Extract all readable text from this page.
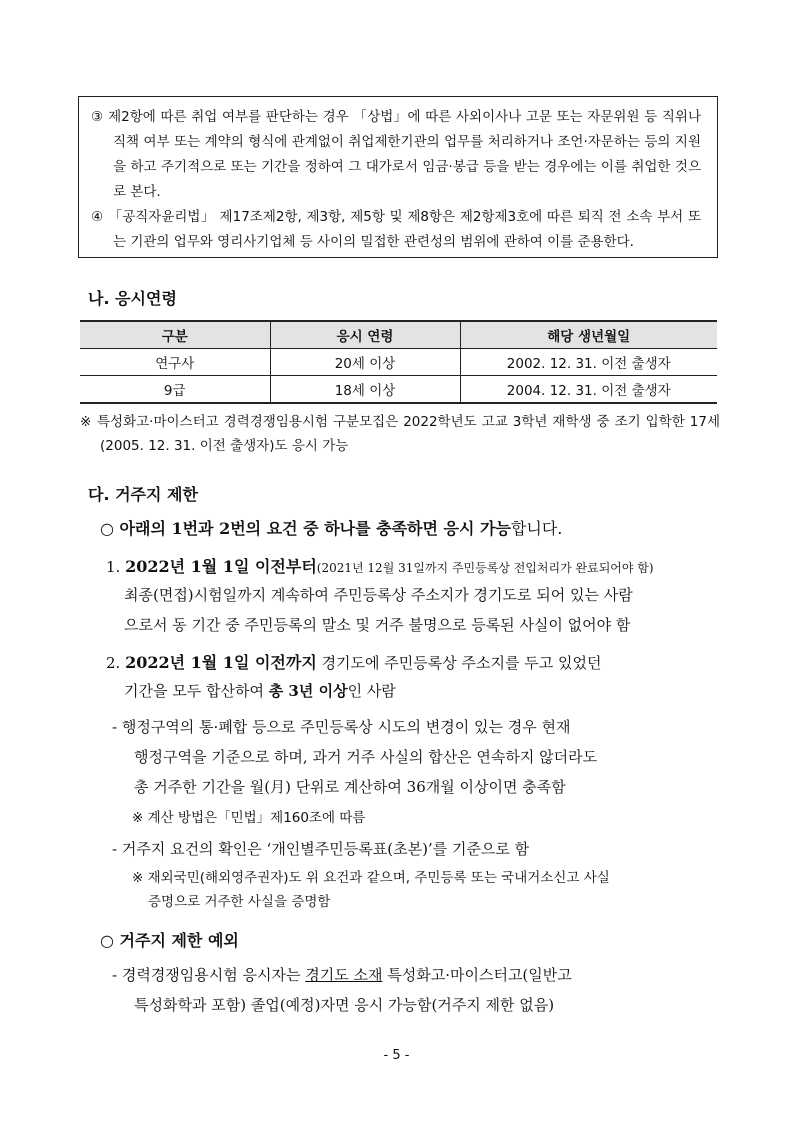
③ 제2항에 따른 취업 여부를 판단하는 경우 「상법」에 따른 사외이사나 고문 또는 자문위원 등 직위나 직책 여부 또는 계약의 형식에 관계없이 취업제한기관의 업무를 처리하거나 조언·자문하는 등의 지원을 하고 주기적으로 또는 기간을 정하여 그 대가로서 임금·봉급 등을 받는 경우에는 이를 취업한 것으로 본다.

④ 「공직자윤리법」 제17조제2항, 제3항, 제5항 및 제8항은 제2항제3호에 따른 퇴직 전 소속 부서 또는 기관의 업무와 영리사기업체 등 사이의 밀접한 관련성의 범위에 관하여 이를 준용한다.

나. 응시연령
구분	응시 연령	해당 생년월일
연구사	20세 이상	2002. 12. 31. 이전 출생자
9급	18세 이상	2004. 12. 31. 이전 출생자

※ 특성화고·마이스터고 경력경쟁임용시험 구분모집은 2022학년도 고교 3학년 재학생 중 조기 입학한 17세(2005. 12. 31. 이전 출생자)도 응시 가능

다. 거주지 제한
○ 아래의 1번과 2번의 요건 중 하나를 충족하면 응시 가능합니다.
1. 2022년 1월 1일 이전부터(2021년 12월 31일까지 주민등록상 전입처리가 완료되어야 함)
최종(면접)시험일까지 계속하여 주민등록상 주소지가 경기도로 되어 있는 사람
으로서 동 기간 중 주민등록의 말소 및 거주 불명으로 등록된 사실이 없어야 함
2. 2022년 1월 1일 이전까지 경기도에 주민등록상 주소지를 두고 있었던
기간을 모두 합산하여 총 3년 이상인 사람
- 행정구역의 통·폐합 등으로 주민등록상 시도의 변경이 있는 경우 현재
행정구역을 기준으로 하며, 과거 거주 사실의 합산은 연속하지 않더라도
총 거주한 기간을 월(月) 단위로 계산하여 36개월 이상이면 충족함
※ 계산 방법은「민법」제160조에 따름
- 거주지 요건의 확인은 ‘개인별주민등록표(초본)’를 기준으로 함
※ 재외국민(해외영주권자)도 위 요건과 같으며, 주민등록 또는 국내거소신고 사실
증명으로 거주한 사실을 증명함
○ 거주지 제한 예외
- 경력경쟁임용시험 응시자는 경기도 소재 특성화고·마이스터고(일반고
특성화학과 포함) 졸업(예정)자면 응시 가능함(거주지 제한 없음)
- 5 -
